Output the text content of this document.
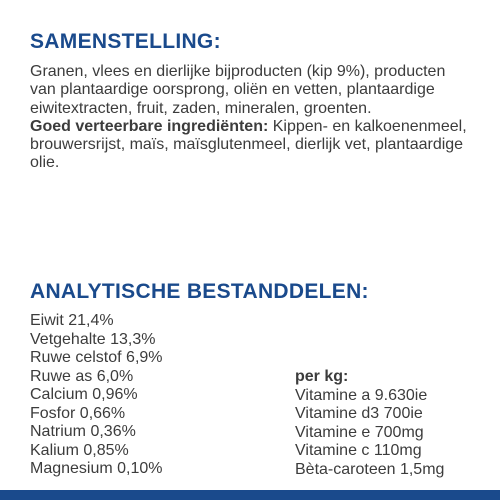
SAMENSTELLING:

Granen, vlees en dierlijke bijproducten (kip 9%), producten van plantaardige oorsprong, oliën en vetten, plantaardige eiwitextracten, fruit, zaden, mineralen, groenten.
Goed verteerbare ingrediënten: Kippen- en kalkoenenmeel, brouwersrijst, maïs, maïsglutenmeel, dierlijk vet, plantaardige olie.

ANALYTISCHE BESTANDDELEN:
Eiwit 21,4%
Vetgehalte 13,3%
Ruwe celstof 6,9%
Ruwe as 6,0%
Calcium 0,96%
Fosfor 0,66%
Natrium 0,36%
Kalium 0,85%
Magnesium 0,10%

per kg:

Vitamine a 9.630ie
Vitamine d3 700ie
Vitamine e 700mg
Vitamine c 110mg
Bèta-caroteen 1,5mg
